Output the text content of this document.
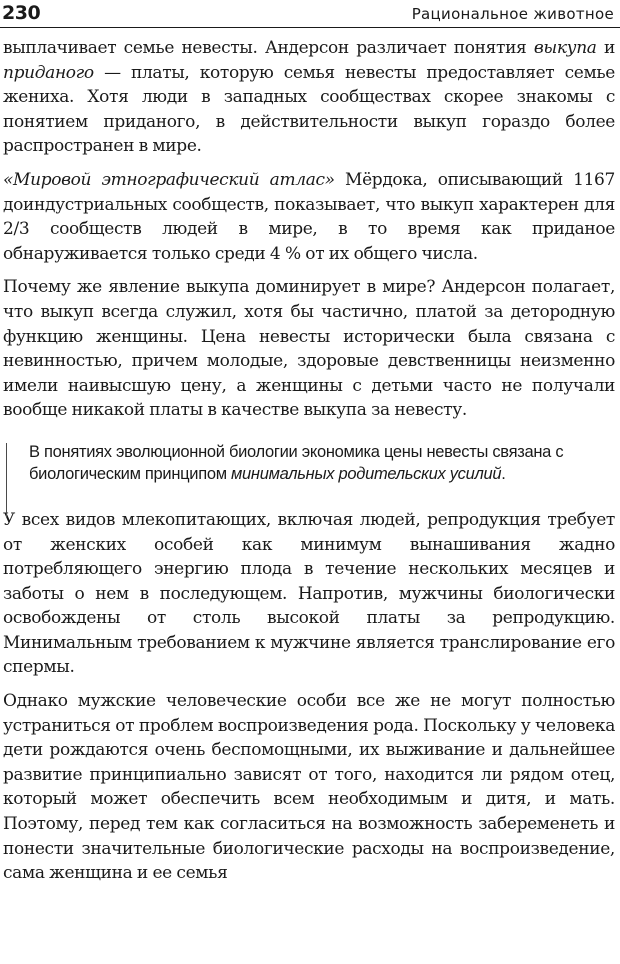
230	Рациональное животное

выплачивает семье невесты. Андерсон различает понятия выкупа и приданого — платы, которую семья невесты предоставляет семье жениха. Хотя люди в западных сообществах скорее знакомы с понятием приданого, в действительности выкуп гораздо более распространен в мире.

«Мировой этнографический атлас» Мёрдока, описывающий 1167 доиндустриальных сообществ, показывает, что выкуп характерен для 2/3 сообществ людей в мире, в то время как приданое обнаруживается только среди 4 % от их общего числа.

Почему же явление выкупа доминирует в мире? Андерсон полагает, что выкуп всегда служил, хотя бы частично, платой за детородную функцию женщины. Цена невесты исторически была связана с невинностью, причем молодые, здоровые девственницы неизменно имели наивысшую цену, а женщины с детьми часто не получали вообще никакой платы в качестве выкупа за невесту.

В понятиях эволюционной биологии экономика цены невесты связана с биологическим принципом минимальных родительских усилий.

У всех видов млекопитающих, включая людей, репродукция требует от женских особей как минимум вынашивания жадно потребляющего энергию плода в течение нескольких месяцев и заботы о нем в последующем. Напротив, мужчины биологически освобождены от столь высокой платы за репродукцию. Минимальным требованием к мужчине является транслирование его спермы.

Однако мужские человеческие особи все же не могут полностью устраниться от проблем воспроизведения рода. Поскольку у человека дети рождаются очень беспомощными, их выживание и дальнейшее развитие принципиально зависят от того, находится ли рядом отец, который может обеспечить всем необходимым и дитя, и мать. Поэтому, перед тем как согласиться на возможность забеременеть и понести значительные биологические расходы на воспроизведение, сама женщина и ее семья
